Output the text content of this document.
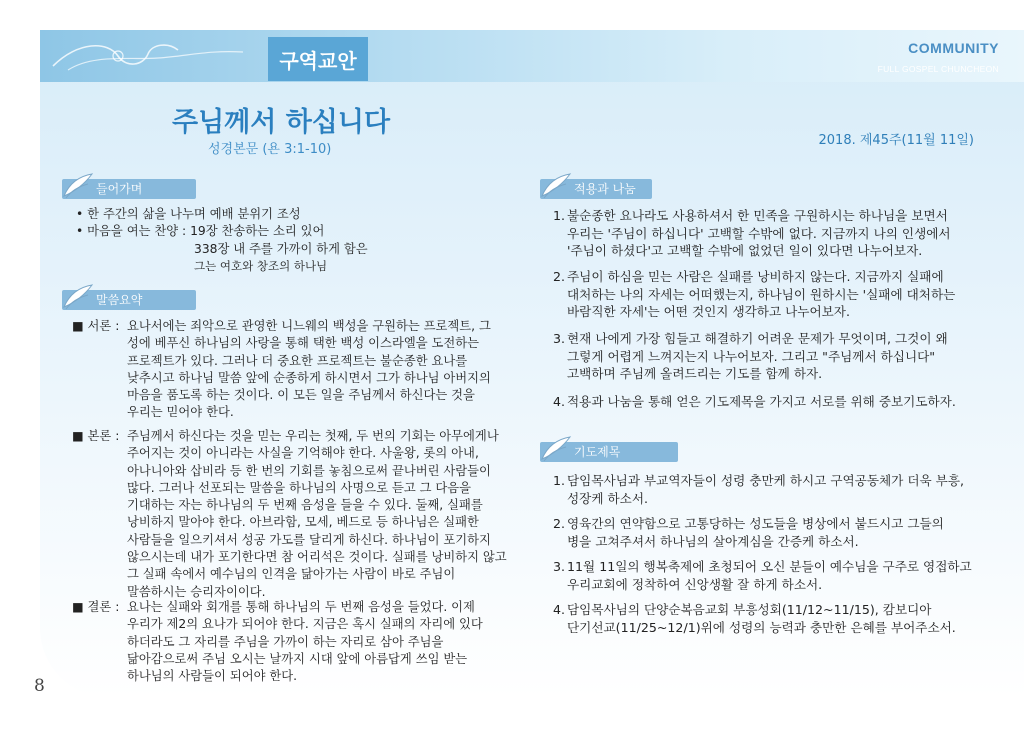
구역교안
COMMUNITY
FULL GOSPEL CHUNCHEON
주님께서 하십니다
성경본문 (욘 3:1-10)
2018. 제45주(11월 11일)
들어가며
• 한 주간의 삶을 나누며 예배 분위기 조성
• 마음을 여는 찬양 : 19장 찬송하는 소리 있어
338장 내 주를 가까이 하게 함은
그는 여호와 창조의 하나님
말씀요약
■ 서론 : 요나서에는 죄악으로 관영한 니느웨의 백성을 구원하는 프로젝트, 그
성에 베푸신 하나님의 사랑을 통해 택한 백성 이스라엘을 도전하는
프로젝트가 있다. 그러나 더 중요한 프로젝트는 불순종한 요나를
낮추시고 하나님 말씀 앞에 순종하게 하시면서 그가 하나님 아버지의
마음을 품도록 하는 것이다. 이 모든 일을 주님께서 하신다는 것을
우리는 믿어야 한다.
■ 본론 : 주님께서 하신다는 것을 믿는 우리는 첫째, 두 번의 기회는 아무에게나
주어지는 것이 아니라는 사실을 기억해야 한다. 사울왕, 롯의 아내,
아나니아와 삽비라 등 한 번의 기회를 놓침으로써 끝나버린 사람들이
많다. 그러나 선포되는 말씀을 하나님의 사명으로 듣고 그 다음을
기대하는 자는 하나님의 두 번째 음성을 들을 수 있다. 둘째, 실패를
낭비하지 말아야 한다. 아브라함, 모세, 베드로 등 하나님은 실패한
사람들을 일으키셔서 성공 가도를 달리게 하신다. 하나님이 포기하지
않으시는데 내가 포기한다면 참 어리석은 것이다. 실패를 낭비하지 않고
그 실패 속에서 예수님의 인격을 닮아가는 사람이 바로 주님이
말씀하시는 승리자이이다.
■ 결론 : 요나는 실패와 회개를 통해 하나님의 두 번째 음성을 들었다. 이제
우리가 제2의 요나가 되어야 한다. 지금은 혹시 실패의 자리에 있다
하더라도 그 자리를 주님을 가까이 하는 자리로 삼아 주님을
닮아감으로써 주님 오시는 날까지 시대 앞에 아름답게 쓰임 받는
하나님의 사람들이 되어야 한다.
적용과 나눔
1. 불순종한 요나라도 사용하셔서 한 민족을 구원하시는 하나님을 보면서
우리는 '주님이 하십니다' 고백할 수밖에 없다. 지금까지 나의 인생에서
'주님이 하셨다'고 고백할 수밖에 없었던 일이 있다면 나누어보자.
2. 주님이 하심을 믿는 사람은 실패를 낭비하지 않는다. 지금까지 실패에
대처하는 나의 자세는 어떠했는지, 하나님이 원하시는 '실패에 대처하는
바람직한 자세'는 어떤 것인지 생각하고 나누어보자.
3. 현재 나에게 가장 힘들고 해결하기 어려운 문제가 무엇이며, 그것이 왜
그렇게 어렵게 느껴지는지 나누어보자. 그리고 "주님께서 하십니다"
고백하며 주님께 올려드리는 기도를 함께 하자.
4. 적용과 나눔을 통해 얻은 기도제목을 가지고 서로를 위해 중보기도하자.
기도제목
1. 담임목사님과 부교역자들이 성령 충만케 하시고 구역공동체가 더욱 부흥,
성장케 하소서.
2. 영육간의 연약함으로 고통당하는 성도들을 병상에서 붙드시고 그들의
병을 고쳐주셔서 하나님의 살아계심을 간증케 하소서.
3. 11월 11일의 행복축제에 초청되어 오신 분들이 예수님을 구주로 영접하고
우리교회에 정착하여 신앙생활 잘 하게 하소서.
4. 담임목사님의 단양순복음교회 부흥성회(11/12~11/15), 캄보디아
단기선교(11/25~12/1)위에 성령의 능력과 충만한 은혜를 부어주소서.
8
